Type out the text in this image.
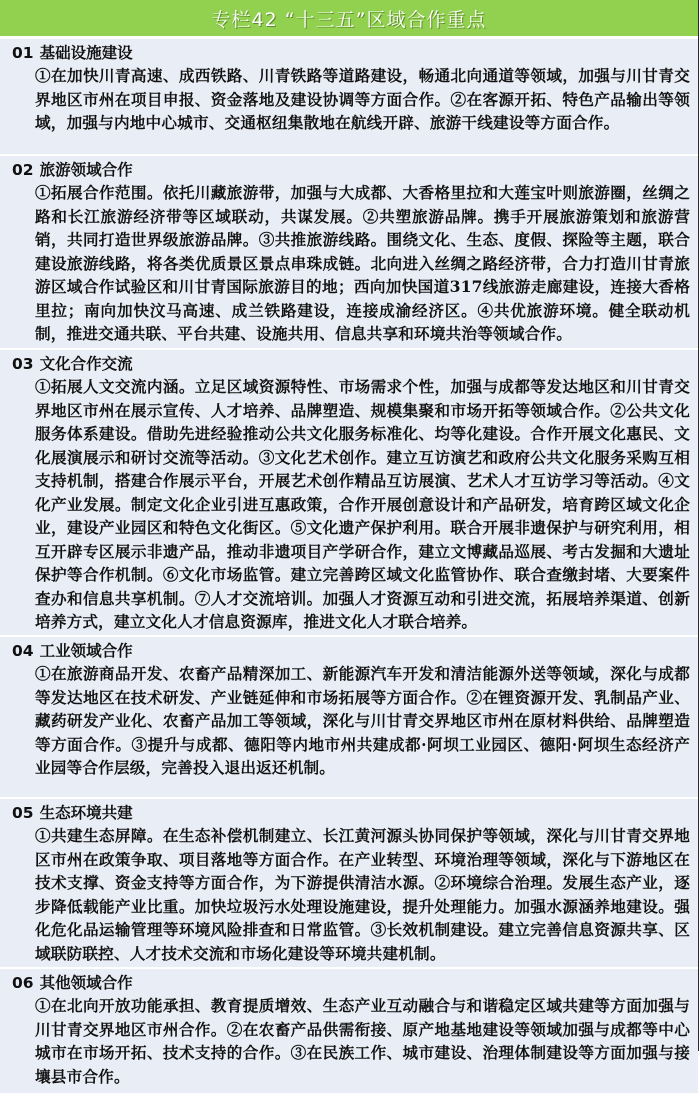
专栏42 “十三五”区域合作重点
01 基础设施建设
①在加快川青高速、成西铁路、川青铁路等道路建设，畅通北向通道等领域，加强与川甘青交界地区市州在项目申报、资金落地及建设协调等方面合作。②在客源开拓、特色产品输出等领域，加强与内地中心城市、交通枢纽集散地在航线开辟、旅游干线建设等方面合作。
02 旅游领域合作
①拓展合作范围。依托川藏旅游带，加强与大成都、大香格里拉和大莲宝叶则旅游圈，丝绸之路和长江旅游经济带等区域联动，共谋发展。②共塑旅游品牌。携手开展旅游策划和旅游营销，共同打造世界级旅游品牌。③共推旅游线路。围绕文化、生态、度假、探险等主题，联合建设旅游线路，将各类优质景区景点串珠成链。北向进入丝绸之路经济带，合力打造川甘青旅游区域合作试验区和川甘青国际旅游目的地；西向加快国道317线旅游走廊建设，连接大香格里拉；南向加快汶马高速、成兰铁路建设，连接成渝经济区。④共优旅游环境。健全联动机制，推进交通共联、平台共建、设施共用、信息共享和环境共治等领域合作。
03 文化合作交流
①拓展人文交流内涵。立足区域资源特性、市场需求个性，加强与成都等发达地区和川甘青交界地区市州在展示宣传、人才培养、品牌塑造、规模集聚和市场开拓等领域合作。②公共文化服务体系建设。借助先进经验推动公共文化服务标准化、均等化建设。合作开展文化惠民、文化展演展示和研讨交流等活动。③文化艺术创作。建立互访演艺和政府公共文化服务采购互相支持机制，搭建合作展示平台，开展艺术创作精品互访展演、艺术人才互访学习等活动。④文化产业发展。制定文化企业引进互惠政策，合作开展创意设计和产品研发，培育跨区域文化企业，建设产业园区和特色文化街区。⑤文化遗产保护利用。联合开展非遗保护与研究利用，相互开辟专区展示非遗产品，推动非遗项目产学研合作，建立文博藏品巡展、考古发掘和大遗址保护等合作机制。⑥文化市场监管。建立完善跨区域文化监管协作、联合查缴封堵、大要案件查办和信息共享机制。⑦人才交流培训。加强人才资源互动和引进交流，拓展培养渠道、创新培养方式，建立文化人才信息资源库，推进文化人才联合培养。
04 工业领域合作
①在旅游商品开发、农畜产品精深加工、新能源汽车开发和清洁能源外送等领域，深化与成都等发达地区在技术研发、产业链延伸和市场拓展等方面合作。②在锂资源开发、乳制品产业、藏药研发产业化、农畜产品加工等领域，深化与川甘青交界地区市州在原材料供给、品牌塑造等方面合作。③提升与成都、德阳等内地市州共建成都·阿坝工业园区、德阳·阿坝生态经济产业园等合作层级，完善投入退出返还机制。
05 生态环境共建
①共建生态屏障。在生态补偿机制建立、长江黄河源头协同保护等领域，深化与川甘青交界地区市州在政策争取、项目落地等方面合作。在产业转型、环境治理等领域，深化与下游地区在技术支撑、资金支持等方面合作，为下游提供清洁水源。②环境综合治理。发展生态产业，逐步降低载能产业比重。加快垃圾污水处理设施建设，提升处理能力。加强水源涵养地建设。强化危化品运输管理等环境风险排查和日常监管。③长效机制建设。建立完善信息资源共享、区域联防联控、人才技术交流和市场化建设等环境共建机制。
06 其他领域合作
①在北向开放功能承担、教育提质增效、生态产业互动融合与和谐稳定区域共建等方面加强与川甘青交界地区市州合作。②在农畜产品供需衔接、原产地基地建设等领域加强与成都等中心城市在市场开拓、技术支持的合作。③在民族工作、城市建设、治理体制建设等方面加强与接壤县市合作。
